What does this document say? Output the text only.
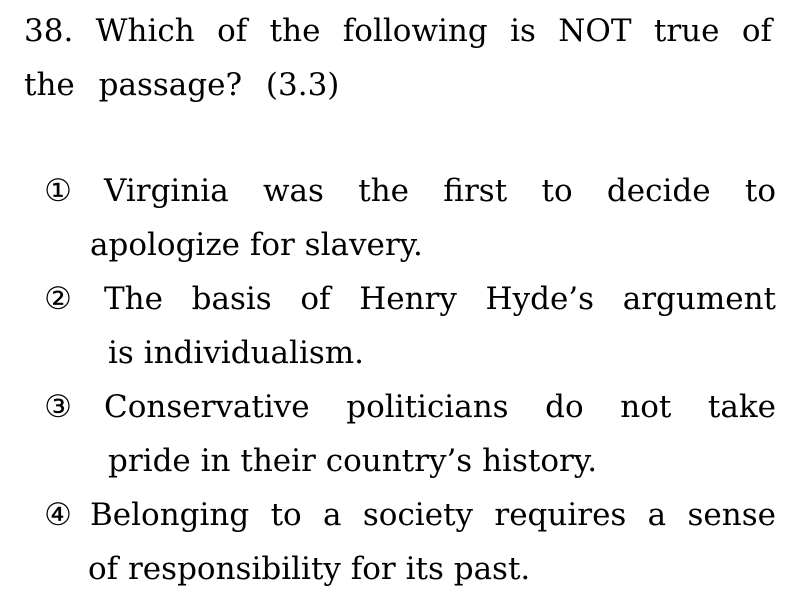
38. Which of the following is NOT true of
the passage? (3.3)
① Virginia was the first to decide to
apologize for slavery.
② The basis of Henry Hyde’s argument
is individualism.
③ Conservative politicians do not take
pride in their country’s history.
④ Belonging to a society requires a sense
of responsibility for its past.
